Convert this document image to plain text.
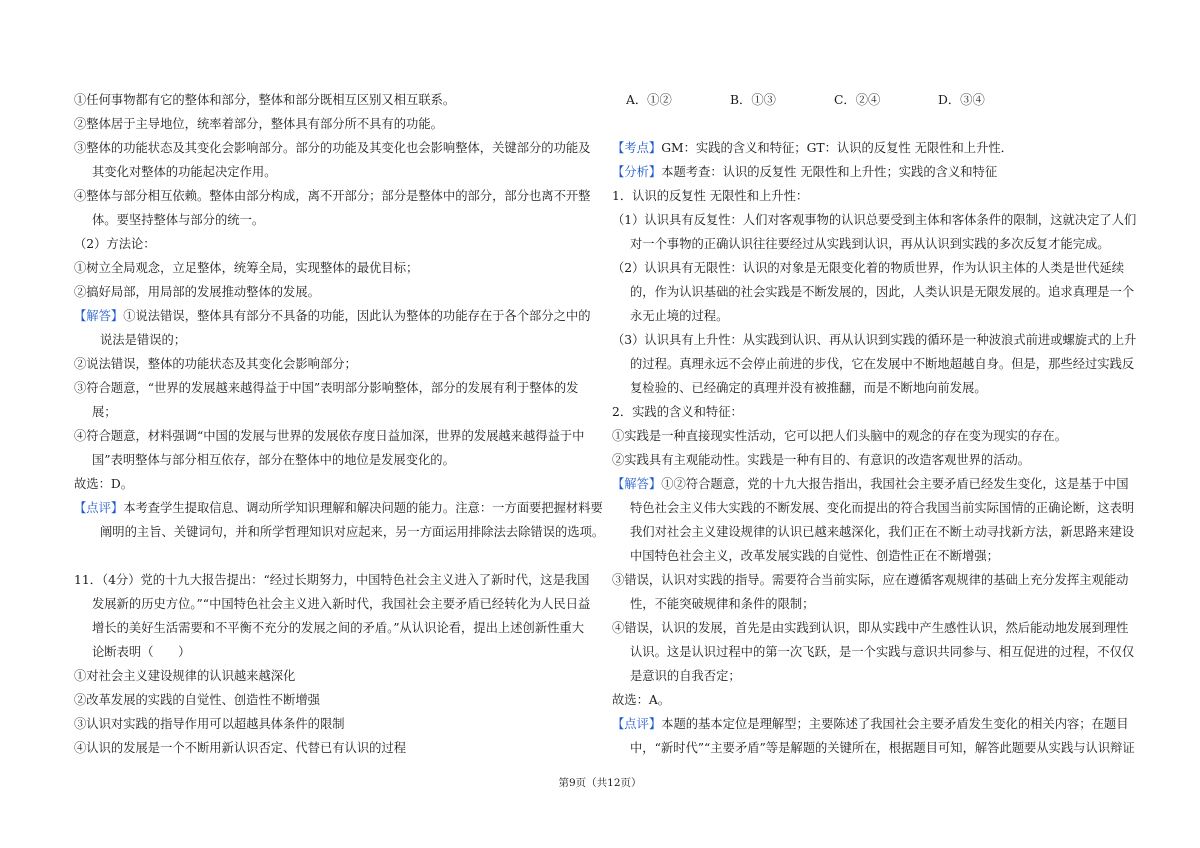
①任何事物都有它的整体和部分，整体和部分既相互区别又相互联系。

②整体居于主导地位，统率着部分，整体具有部分所不具有的功能。

③整体的功能状态及其变化会影响部分。部分的功能及其变化也会影响整体，关键部分的功能及

其变化对整体的功能起决定作用。

④整体与部分相互依赖。整体由部分构成，离不开部分；部分是整体中的部分，部分也离不开整

体。要坚持整体与部分的统一。

（2）方法论：

①树立全局观念，立足整体，统筹全局，实现整体的最优目标；

②搞好局部，用局部的发展推动整体的发展。

【解答】①说法错误，整体具有部分不具备的功能，因此认为整体的功能存在于各个部分之中的

说法是错误的；

②说法错误，整体的功能状态及其变化会影响部分；

③符合题意，“世界的发展越来越得益于中国”表明部分影响整体，部分的发展有利于整体的发

展；

④符合题意，材料强调“中国的发展与世界的发展依存度日益加深，世界的发展越来越得益于中

国”表明整体与部分相互依存，部分在整体中的地位是发展变化的。

故选：D。

【点评】本考查学生提取信息、调动所学知识理解和解决问题的能力。注意：一方面要把握材料要

阐明的主旨、关键词句，并和所学哲理知识对应起来，另一方面运用排除法去除错误的选项。

11．（4分）党的十九大报告提出：“经过长期努力，中国特色社会主义进入了新时代，这是我国

发展新的历史方位。”“中国特色社会主义进入新时代，我国社会主要矛盾已经转化为人民日益

增长的美好生活需要和不平衡不充分的发展之间的矛盾。”从认识论看，提出上述创新性重大

论断表明（　　）

①对社会主义建设规律的认识越来越深化

②改革发展的实践的自觉性、创造性不断增强

③认识对实践的指导作用可以超越具体条件的限制

④认识的发展是一个不断用新认识否定、代替已有认识的过程

A．①②	B．①③	C．②④	D．③④

【考点】GM：实践的含义和特征；GT：认识的反复性 无限性和上升性．

【分析】本题考查：认识的反复性 无限性和上升性；实践的含义和特征

1．认识的反复性 无限性和上升性：

（1）认识具有反复性：人们对客观事物的认识总要受到主体和客体条件的限制，这就决定了人们

对一个事物的正确认识往往要经过从实践到认识，再从认识到实践的多次反复才能完成。

（2）认识具有无限性：认识的对象是无限变化着的物质世界，作为认识主体的人类是世代延续

的，作为认识基础的社会实践是不断发展的，因此，人类认识是无限发展的。追求真理是一个

永无止境的过程。

（3）认识具有上升性：从实践到认识、再从认识到实践的循环是一种波浪式前进或螺旋式的上升

的过程。真理永远不会停止前进的步伐，它在发展中不断地超越自身。但是，那些经过实践反

复检验的、已经确定的真理并没有被推翻，而是不断地向前发展。

2．实践的含义和特征：

①实践是一种直接现实性活动，它可以把人们头脑中的观念的存在变为现实的存在。

②实践具有主观能动性。实践是一种有目的、有意识的改造客观世界的活动。

【解答】①②符合题意，党的十九大报告指出，我国社会主要矛盾已经发生变化，这是基于中国

特色社会主义伟大实践的不断发展、变化而提出的符合我国当前实际国情的正确论断，这表明

我们对社会主义建设规律的认识已越来越深化，我们正在不断土动寻找新方法，新思路来建设

中国特色社会主义，改革发展实践的自觉性、创造性正在不断增强；

③错误，认识对实践的指导。需要符合当前实际，应在遵循客观规律的基础上充分发挥主观能动

性，不能突破规律和条件的限制；

④错误，认识的发展，首先是由实践到认识，即从实践中产生感性认识，然后能动地发展到理性

认识。这是认识过程中的第一次飞跃，是一个实践与意识共同参与、相互促进的过程，不仅仅

是意识的自我否定；

故选：A。

【点评】本题的基本定位是理解型；主要陈述了我国社会主要矛盾发生变化的相关内容；在题目

中，“新时代”“主要矛盾”等是解题的关键所在，根据题目可知，解答此题要从实践与认识辩证

第9页（共12页）
